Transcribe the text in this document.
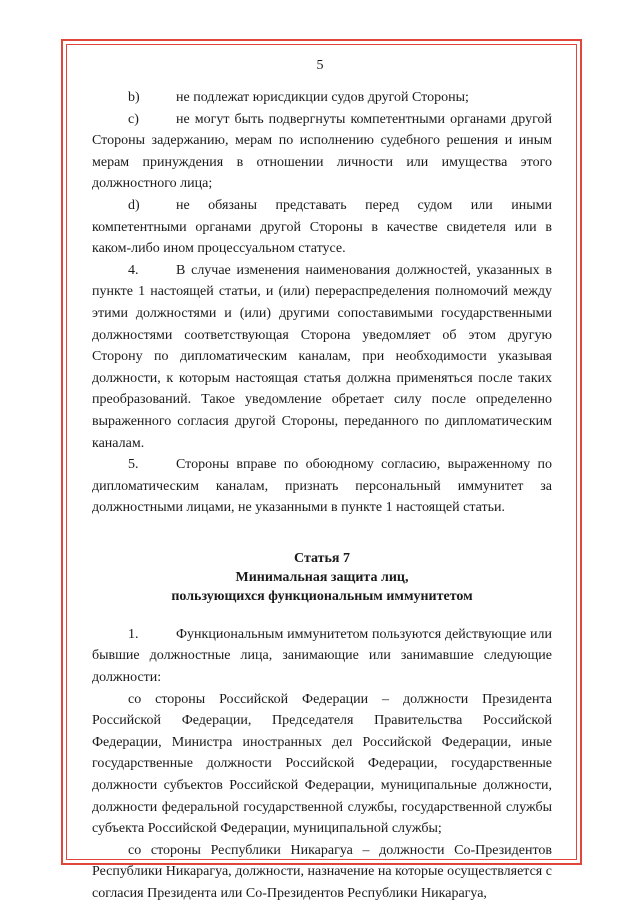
5

b)	не подлежат юрисдикции судов другой Стороны;

c)	не могут быть подвергнуты компетентными органами другой Стороны задержанию, мерам по исполнению судебного решения и иным мерам принуждения в отношении личности или имущества этого должностного лица;

d)	не обязаны представать перед судом или иными компетентными органами другой Стороны в качестве свидетеля или в каком-либо ином процессуальном статусе.

4.	В случае изменения наименования должностей, указанных в пункте 1 настоящей статьи, и (или) перераспределения полномочий между этими должностями и (или) другими сопоставимыми государственными должностями соответствующая Сторона уведомляет об этом другую Сторону по дипломатическим каналам, при необходимости указывая должности, к которым настоящая статья должна применяться после таких преобразований. Такое уведомление обретает силу после определенно выраженного согласия другой Стороны, переданного по дипломатическим каналам.

5.	Стороны вправе по обоюдному согласию, выраженному по дипломатическим каналам, признать персональный иммунитет за должностными лицами, не указанными в пункте 1 настоящей статьи.

Статья 7
Минимальная защита лиц,
пользующихся функциональным иммунитетом

1.	Функциональным иммунитетом пользуются действующие или бывшие должностные лица, занимающие или занимавшие следующие должности:

со стороны Российской Федерации – должности Президента Российской Федерации, Председателя Правительства Российской Федерации, Министра иностранных дел Российской Федерации, иные государственные должности Российской Федерации, государственные должности субъектов Российской Федерации, муниципальные должности, должности федеральной государственной службы, государственной службы субъекта Российской Федерации, муниципальной службы;

со стороны Республики Никарагуа – должности Со-Президентов Республики Никарагуа, должности, назначение на которые осуществляется с согласия Президента или Со-Президентов Республики Никарагуа,
